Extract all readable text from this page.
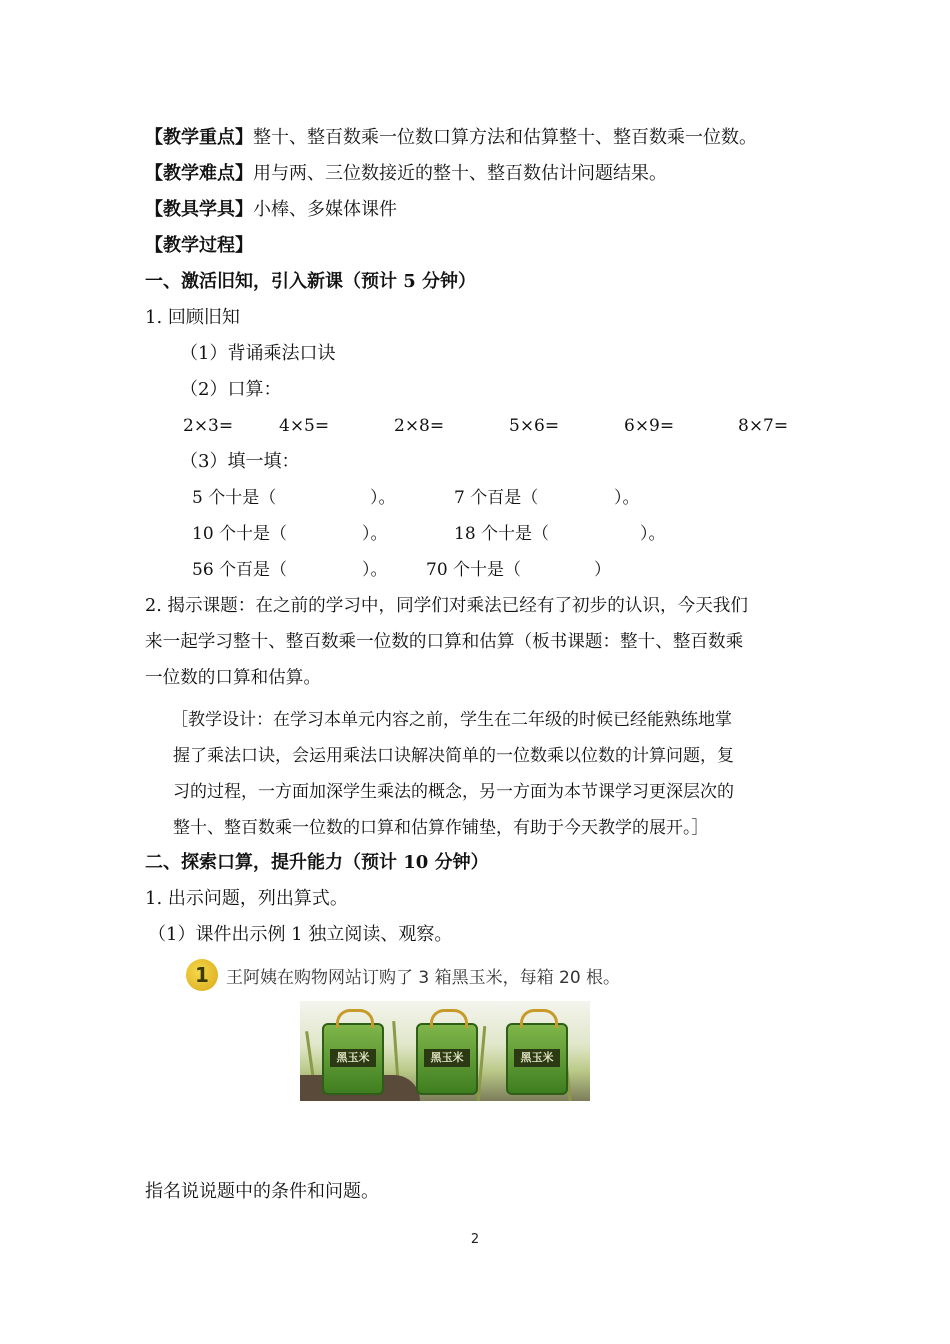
【教学重点】整十、整百数乘一位数口算方法和估算整十、整百数乘一位数。
【教学难点】用与两、三位数接近的整十、整百数估计问题结果。
【教具学具】小棒、多媒体课件
【教学过程】
一、激活旧知，引入新课（预计 5 分钟）
1. 回顾旧知
（1）背诵乘法口诀
（2）口算：
2×3=	4×5=	2×8=	5×6=	6×9=	8×7=
（3）填一填：
5 个十是（	）。	7 个百是（	）。
10 个十是（	）。	18 个十是（	）。
56 个百是（	）。 70 个十是（	）
2. 揭示课题：在之前的学习中，同学们对乘法已经有了初步的认识，今天我们
来一起学习整十、整百数乘一位数的口算和估算（板书课题：整十、整百数乘
一位数的口算和估算。
［教学设计：在学习本单元内容之前，学生在二年级的时候已经能熟练地掌
握了乘法口诀，会运用乘法口诀解决简单的一位数乘以位数的计算问题，复
习的过程，一方面加深学生乘法的概念，另一方面为本节课学习更深层次的
整十、整百数乘一位数的口算和估算作铺垫，有助于今天教学的展开。］
二、探索口算，提升能力（预计 10 分钟）
1. 出示问题，列出算式。
（1）课件出示例 1 独立阅读、观察。
1	王阿姨在购物网站订购了 3 箱黑玉米，每箱 20 根。
黑玉米	黑玉米	黑玉米
指名说说题中的条件和问题。
2
